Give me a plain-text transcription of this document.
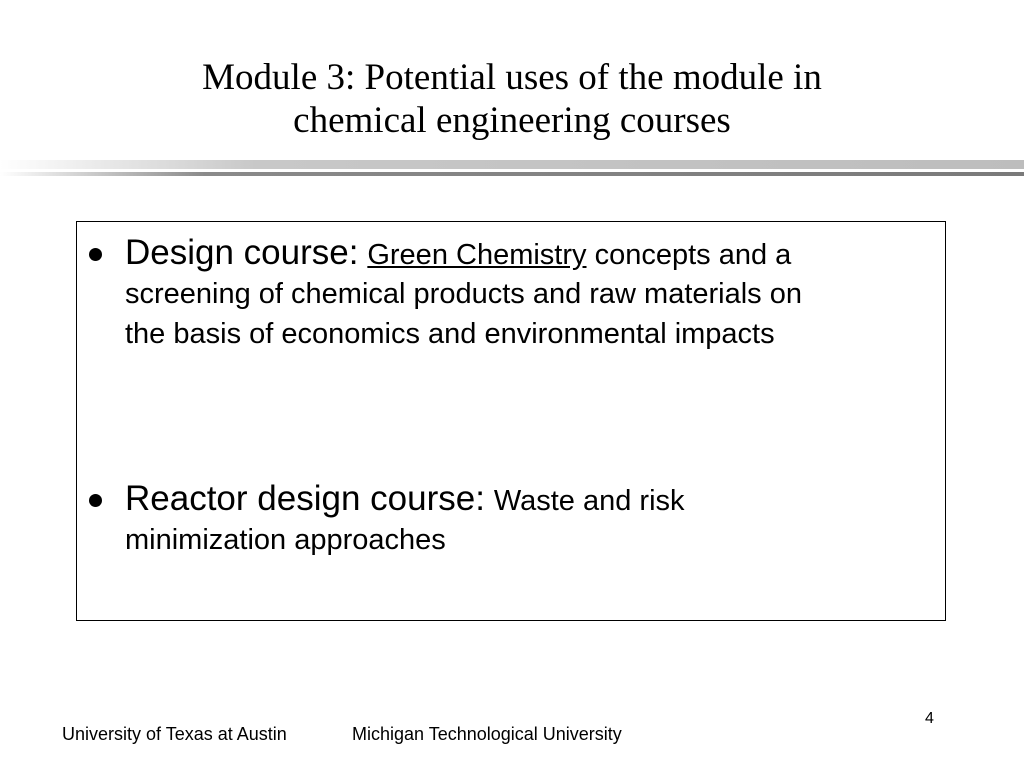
Module 3: Potential uses of the module in
chemical engineering courses
Design course: Green Chemistry concepts and a
screening of chemical products and raw materials on
the basis of economics and environmental impacts
Reactor design course: Waste and risk
minimization approaches
University of Texas at Austin	Michigan Technological University
4
